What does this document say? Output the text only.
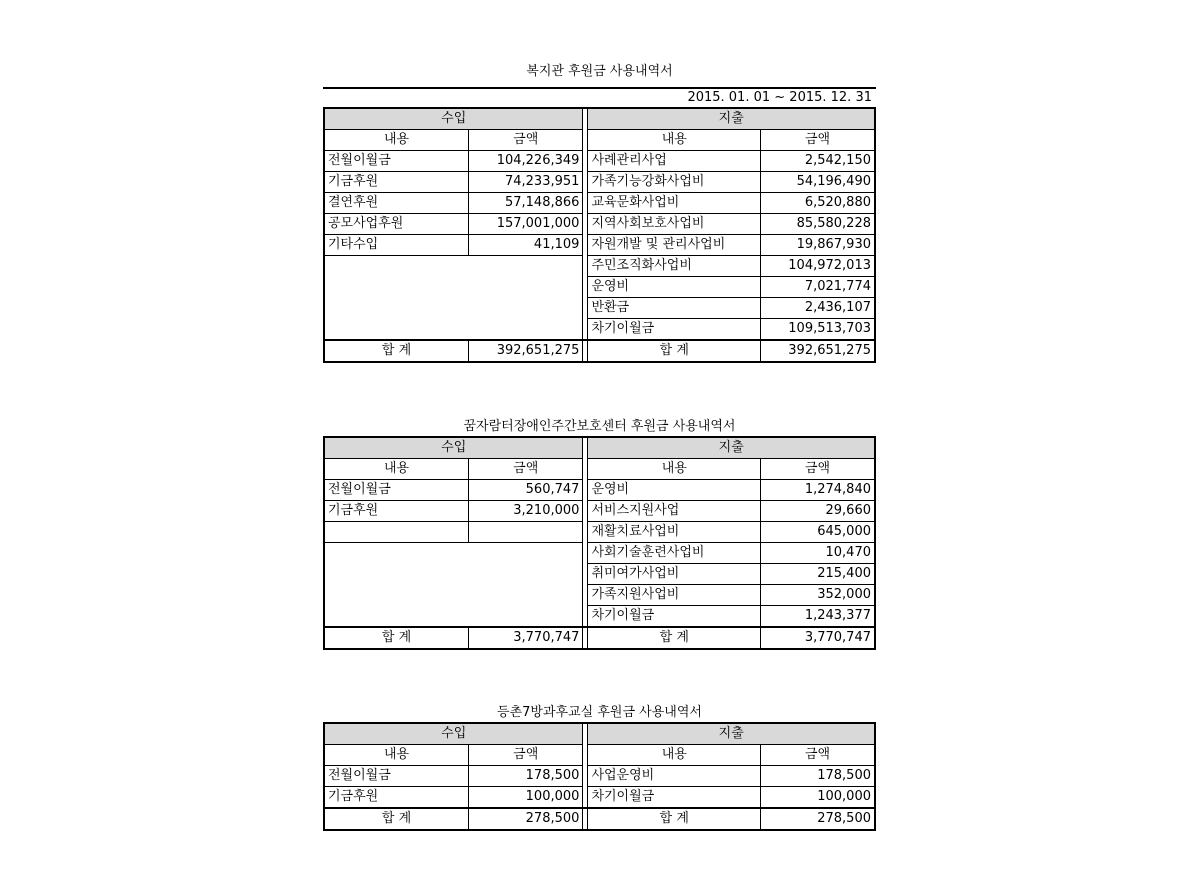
복지관 후원금 사용내역서
2015. 01. 01 ~ 2015. 12. 31
수입			지출	
내용	금액		내용	금액
전월이월금	104,226,349		사례관리사업	2,542,150
기금후원	74,233,951		가족기능강화사업비	54,196,490
결연후원	57,148,866		교육문화사업비	6,520,880
공모사업후원	157,001,000		지역사회보호사업비	85,580,228
기타수입	41,109		자원개발 및 관리사업비	19,867,930
			주민조직화사업비	104,972,013
			운영비	7,021,774
			반환금	2,436,107
			차기이월금	109,513,703
합 계	392,651,275		합 계	392,651,275
꿈자람터장애인주간보호센터 후원금 사용내역서
수입			지출	
내용	금액		내용	금액
전월이월금	560,747		운영비	1,274,840
기금후원	3,210,000		서비스지원사업	29,660
			재활치료사업비	645,000
			사회기술훈련사업비	10,470
			취미여가사업비	215,400
			가족지원사업비	352,000
			차기이월금	1,243,377
합 계	3,770,747		합 계	3,770,747
등촌7방과후교실 후원금 사용내역서
수입			지출	
내용	금액		내용	금액
전월이월금	178,500		사업운영비	178,500
기금후원	100,000		차기이월금	100,000
합 계	278,500		합 계	278,500
